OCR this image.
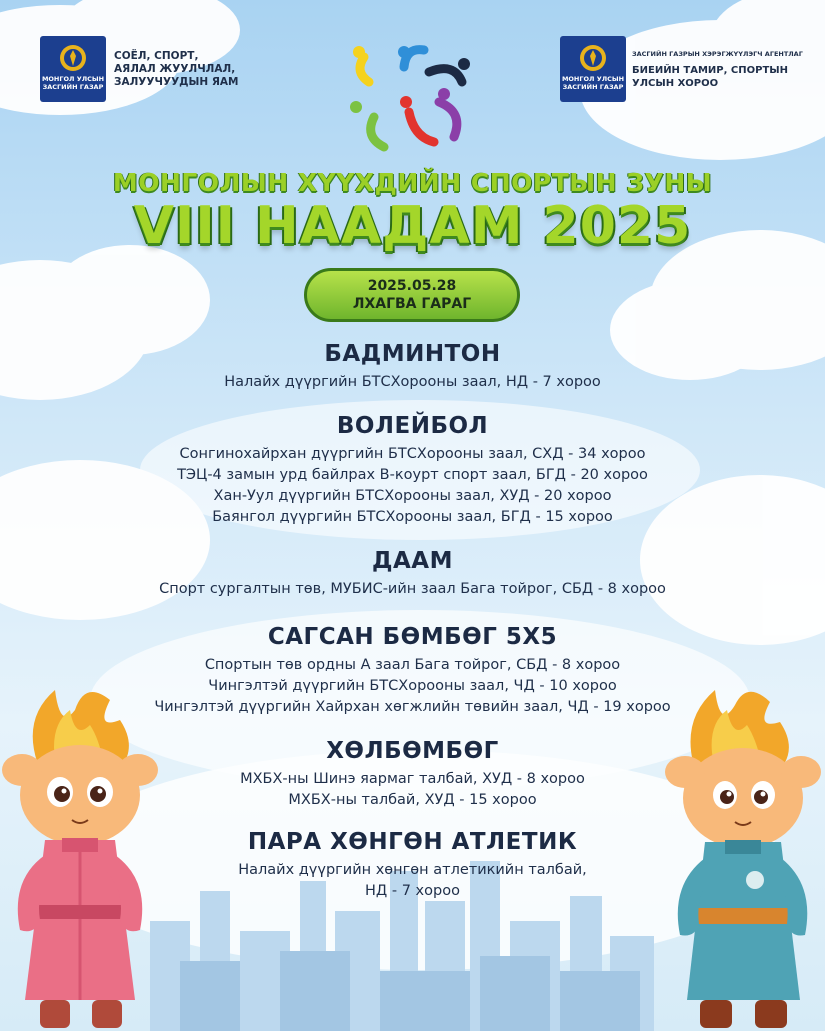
МОНГОЛ УЛСЫН
ЗАСГИЙН ГАЗАР
СОЁЛ, СПОРТ,
АЯЛАЛ ЖУУЛЧЛАЛ,
ЗАЛУУЧУУДЫН ЯАМ	МОНГОЛ УЛСЫН
ЗАСГИЙН ГАЗАР
ЗАСГИЙН ГАЗРЫН ХЭРЭГЖҮҮЛЭГЧ АГЕНТЛАГ
БИЕИЙН ТАМИР, СПОРТЫН
УЛСЫН ХОРОО
МОНГОЛЫН ХҮҮХДИЙН СПОРТЫН ЗУНЫ
VIII НААДАМ 2025
2025.05.28
ЛХАГВА ГАРАГ
БАДМИНТОН
Налайх дүүргийн БТСХорооны заал, НД - 7 хороо
ВОЛЕЙБОЛ
Сонгинохайрхан дүүргийн БТСХорооны заал, СХД - 34 хороо
ТЭЦ-4 замын урд байлрах В-коурт спорт заал, БГД - 20 хороо
Хан-Уул дүүргийн БТСХорооны заал, ХУД - 20 хороо
Баянгол дүүргийн БТСХорооны заал, БГД - 15 хороо
ДААМ
Спорт сургалтын төв, МУБИС-ийн заал Бага тойрог, СБД - 8 хороо
САГСАН БӨМБӨГ 5Х5
Спортын төв ордны А заал Бага тойрог, СБД - 8 хороо
Чингэлтэй дүүргийн БТСХорооны заал, ЧД - 10 хороо
Чингэлтэй дүүргийн Хайрхан хөгжлийн төвийн заал, ЧД - 19 хороо
ХӨЛБӨМБӨГ
МХБХ-ны Шинэ яармаг талбай, ХУД - 8 хороо
МХБХ-ны талбай, ХУД - 15 хороо
ПАРА ХӨНГӨН АТЛЕТИК
Налайх дүүргийн хөнгөн атлетикийн талбай,
НД - 7 хороо
